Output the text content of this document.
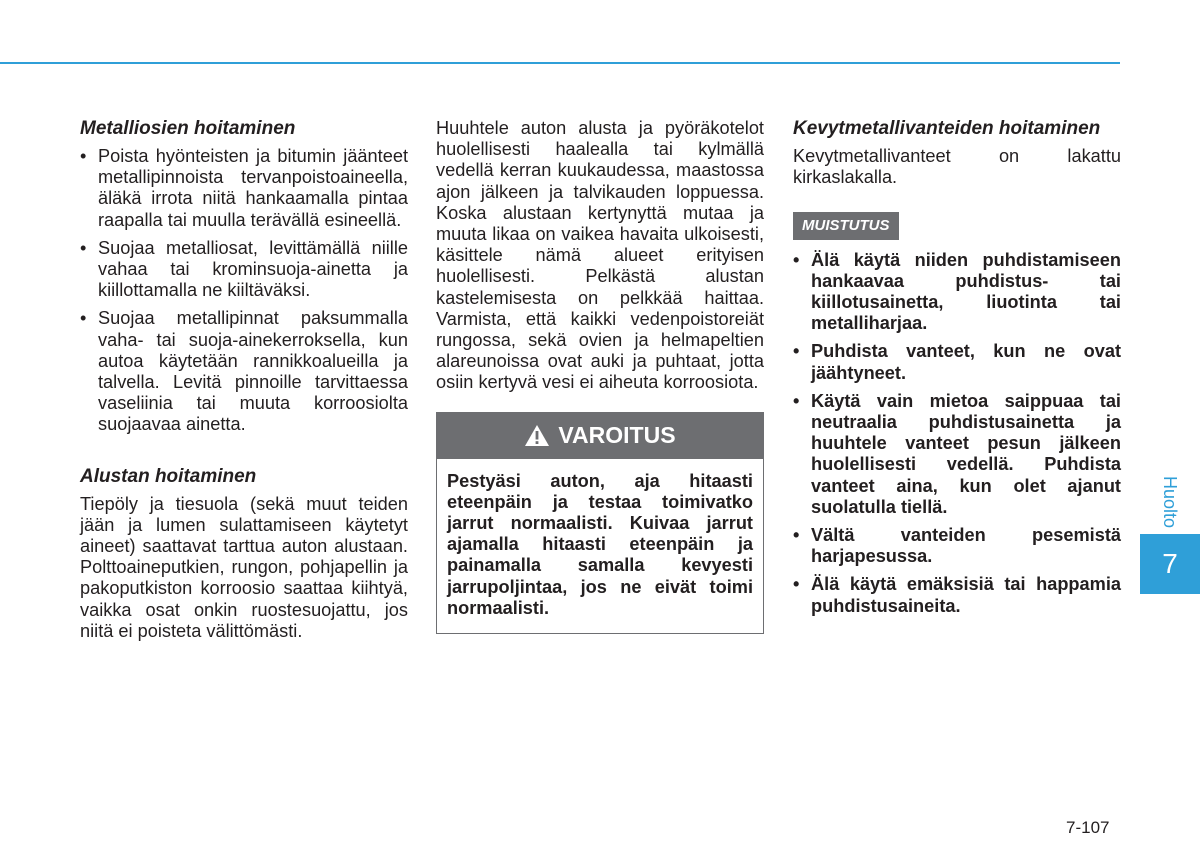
Metalliosien hoitaminen
• Poista hyönteisten ja bitumin jäänteet metallipinnoista tervanpoistoaineella, äläkä irrota niitä hankaamalla pintaa raapalla tai muulla terävällä esineellä.
• Suojaa metalliosat, levittämällä niille vahaa tai krominsuoja-ainetta ja kiillottamalla ne kiiltäväksi.
• Suojaa metallipinnat paksummalla vaha- tai suoja-ainekerroksella, kun autoa käytetään rannikkoalueilla ja talvella. Levitä pinnoille tarvittaessa vaseliinia tai muuta korroosiolta suojaavaa ainetta.
Alustan hoitaminen

Tiepöly ja tiesuola (sekä muut teiden jään ja lumen sulattamiseen käytetyt aineet) saattavat tarttua auton alustaan. Polttoaineputkien, rungon, pohjapellin ja pakoputkiston korroosio saattaa kiihtyä, vaikka osat onkin ruostesuojattu, jos niitä ei poisteta välittömästi.

Huuhtele auton alusta ja pyöräkotelot huolellisesti haalealla tai kylmällä vedellä kerran kuukaudessa, maastossa ajon jälkeen ja talvikauden loppuessa. Koska alustaan kertynyttä mutaa ja muuta likaa on vaikea havaita ulkoisesti, käsittele nämä alueet erityisen huolellisesti. Pelkästä alustan kastelemisesta on pelkkää haittaa. Varmista, että kaikki vedenpoistoreiät rungossa, sekä ovien ja helmapeltien alareunoissa ovat auki ja puhtaat, jotta osiin kertyvä vesi ei aiheuta korroosiota.

VAROITUS
Pestyäsi auton, aja hitaasti eteenpäin ja testaa toimivatko jarrut normaalisti. Kuivaa jarrut ajamalla hitaasti eteenpäin ja painamalla samalla kevyesti jarrupoljintaa, jos ne eivät toimi normaalisti.
Kevytmetallivanteiden hoitaminen

Kevytmetallivanteet on lakattu kirkaslakalla.

MUISTUTUS
• Älä käytä niiden puhdistamiseen hankaavaa puhdistus- tai kiillotusainetta, liuotinta tai metalliharjaa.
• Puhdista vanteet, kun ne ovat jäähtyneet.
• Käytä vain mietoa saippuaa tai neutraalia puhdistusainetta ja huuhtele vanteet pesun jälkeen huolellisesti vedellä. Puhdista vanteet aina, kun olet ajanut suolatulla tiellä.
• Vältä vanteiden pesemistä harjapesussa.
• Älä käytä emäksisiä tai happamia puhdistusaineita.
Huolto
7
7-107
